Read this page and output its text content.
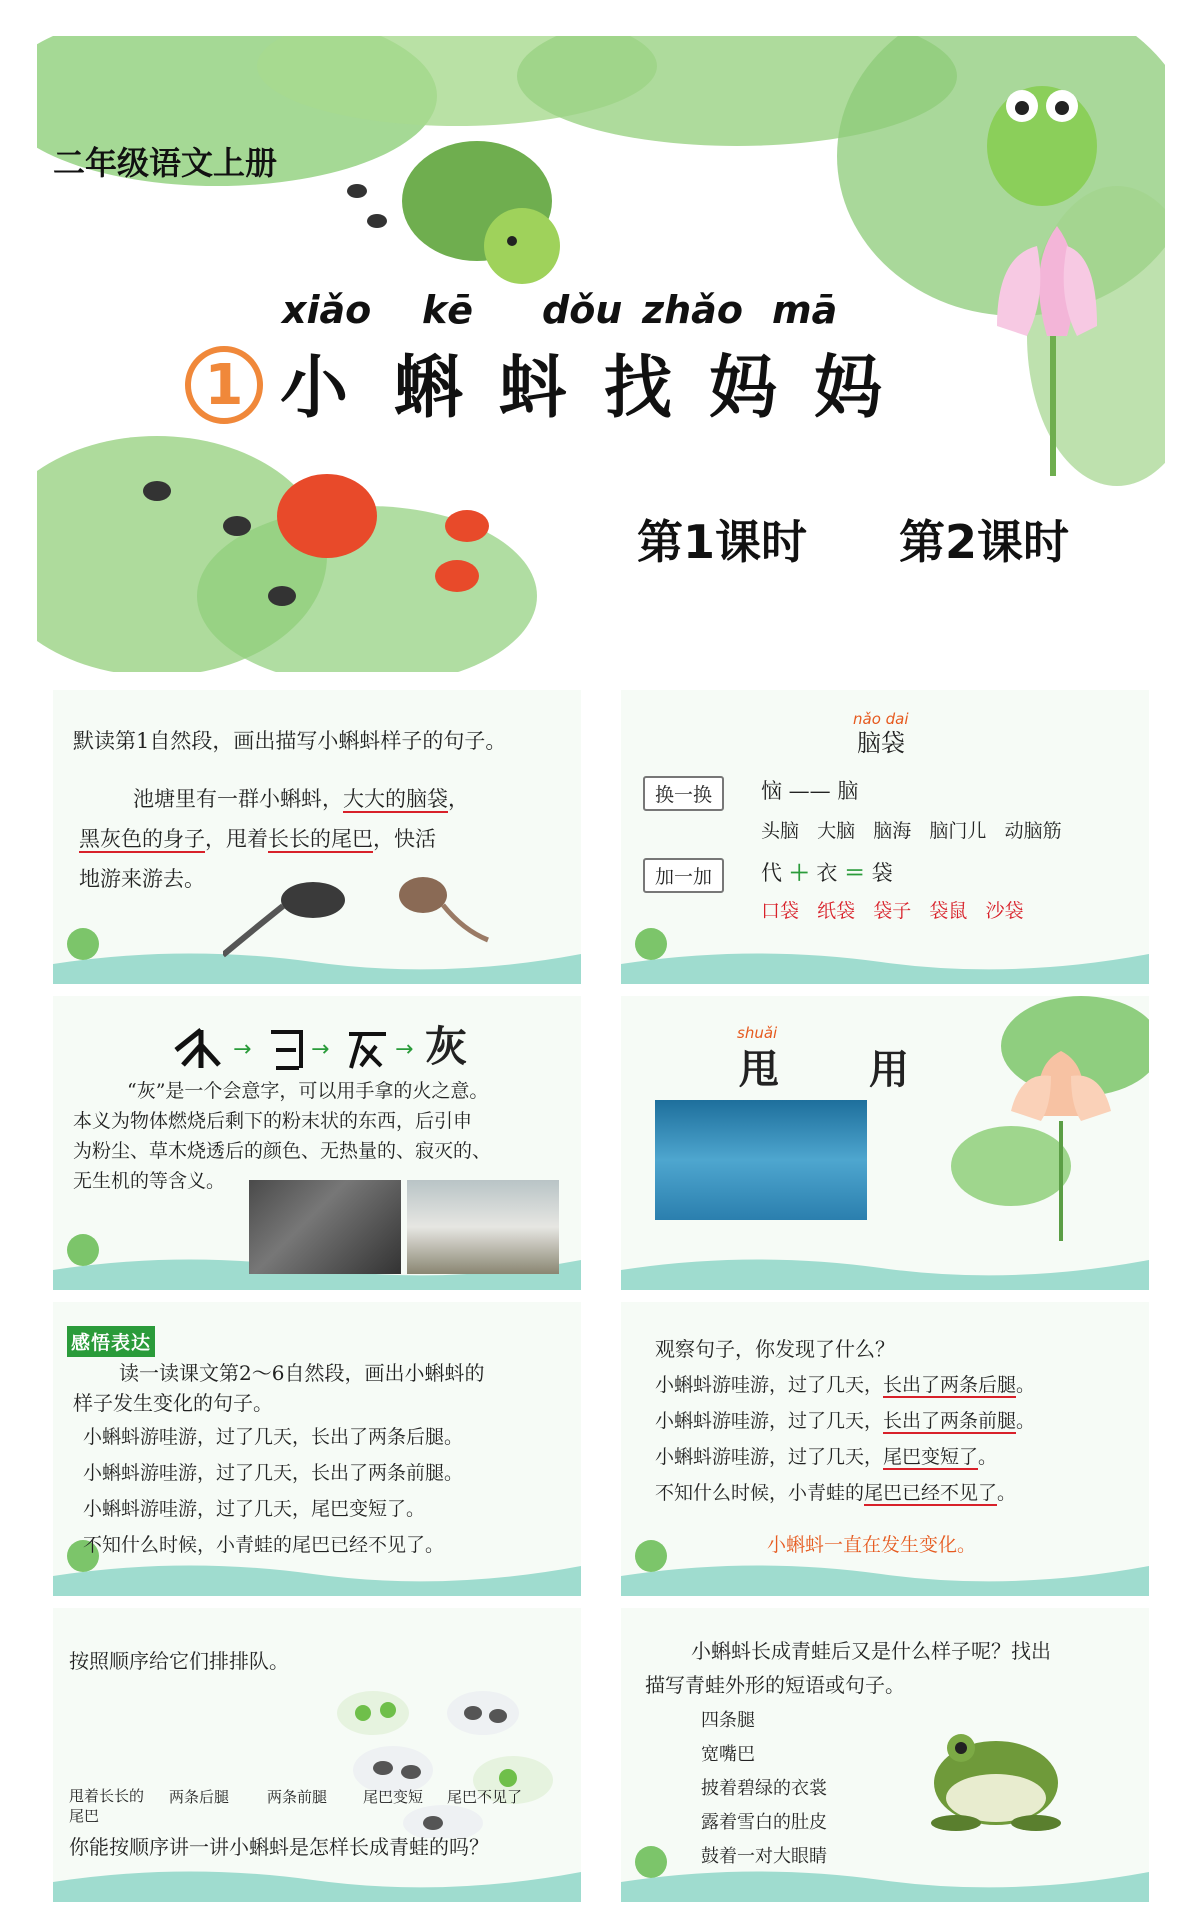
二年级语文上册
1
xiǎo kē dǒu zhǎo mā
小 蝌 蚪 找 妈 妈
第1课时 第2课时
默读第1自然段，画出描写小蝌蚪样子的句子。
池塘里有一群小蝌蚪，大大的脑袋，
黑灰色的身子，甩着长长的尾巴，快活
地游来游去。
nǎo dai
脑袋
换一换	恼 —— 脑
头脑 大脑 脑海 脑门儿 动脑筋
加一加	代 ＋ 衣 ＝ 袋
口袋 纸袋 袋子 袋鼠 沙袋
→	→	→ 灰
“灰”是一个会意字，可以用手拿的火之意。
本义为物体燃烧后剩下的粉末状的东西，后引申
为粉尘、草木烧透后的颜色、无热量的、寂灭的、
无生机的等含义。
shuǎi
甩 用
感悟表达
读一读课文第2～6自然段，画出小蝌蚪的
样子发生变化的句子。
小蝌蚪游哇游，过了几天，长出了两条后腿。
小蝌蚪游哇游，过了几天，长出了两条前腿。
小蝌蚪游哇游，过了几天，尾巴变短了。
不知什么时候，小青蛙的尾巴已经不见了。
观察句子，你发现了什么？
小蝌蚪游哇游，过了几天，长出了两条后腿。
小蝌蚪游哇游，过了几天，长出了两条前腿。
小蝌蚪游哇游，过了几天，尾巴变短了。
不知什么时候，小青蛙的尾巴已经不见了。
小蝌蚪一直在发生变化。
按照顺序给它们排排队。
甩着长长的尾巴
两条后腿	两条前腿 尾巴变短 尾巴不见了
你能按顺序讲一讲小蝌蚪是怎样长成青蛙的吗？
小蝌蚪长成青蛙后又是什么样子呢？找出
描写青蛙外形的短语或句子。
四条腿
宽嘴巴
披着碧绿的衣裳
露着雪白的肚皮
鼓着一对大眼睛
